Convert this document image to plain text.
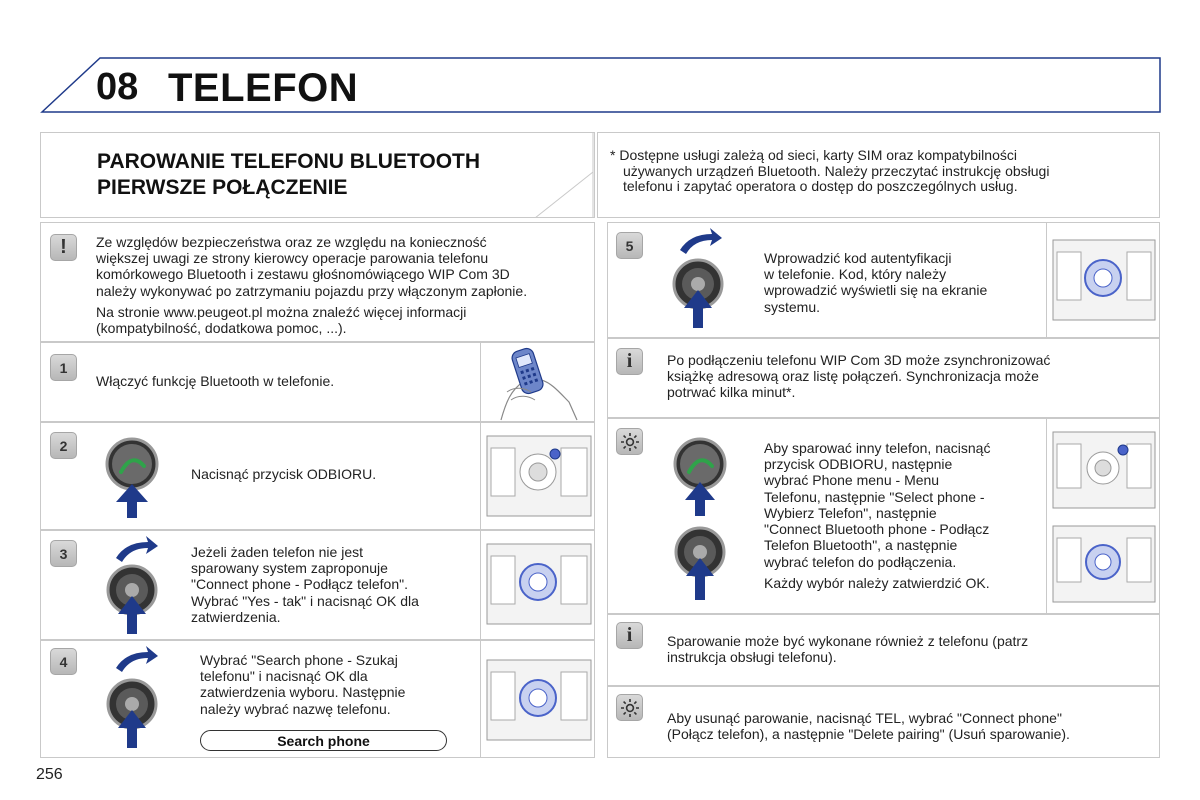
08 TELEFON
PAROWANIE TELEFONU BLUETOOTH
PIERWSZE POŁĄCZENIE
* Dostępne usługi zależą od sieci, karty SIM oraz kompatybilności
używanych urządzeń Bluetooth. Należy przeczytać instrukcję obsługi
telefonu i zapytać operatora o dostęp do poszczególnych usług.
!	Ze względów bezpieczeństwa oraz ze względu na konieczność
większej uwagi ze strony kierowcy operacje parowania telefonu
komórkowego Bluetooth i zestawu głośnomówiącego WIP Com 3D
należy wykonywać po zatrzymaniu pojazdu przy włączonym zapłonie.
Na stronie www.peugeot.pl można znaleźć więcej informacji
(kompatybilność, dodatkowa pomoc, ...).
1
Włączyć funkcję Bluetooth w telefonie.
2
Nacisnąć przycisk ODBIORU.
3	Jeżeli żaden telefon nie jest
sparowany system zaproponuje
"Connect phone - Podłącz telefon".
Wybrać "Yes - tak" i nacisnąć OK dla
zatwierdzenia.
4	Wybrać "Search phone - Szukaj
telefonu" i nacisnąć OK dla
zatwierdzenia wyboru. Następnie
należy wybrać nazwę telefonu.
Search phone
5
Wprowadzić kod autentyfikacji
w telefonie. Kod, który należy
wprowadzić wyświetli się na ekranie
systemu.
i	Po podłączeniu telefonu WIP Com 3D może zsynchronizować
książkę adresową oraz listę połączeń. Synchronizacja może
potrwać kilka minut*.
Aby sparować inny telefon, nacisnąć
przycisk ODBIORU, następnie
wybrać Phone menu - Menu
Telefonu, następnie "Select phone -
Wybierz Telefon", następnie
"Connect Bluetooth phone - Podłącz
Telefon Bluetooth", a następnie
wybrać telefon do podłączenia.
Każdy wybór należy zatwierdzić OK.
i	Sparowanie może być wykonane również z telefonu (patrz
instrukcja obsługi telefonu).
Aby usunąć parowanie, nacisnąć TEL, wybrać "Connect phone"
(Połącz telefon), a następnie "Delete pairing" (Usuń sparowanie).
256
